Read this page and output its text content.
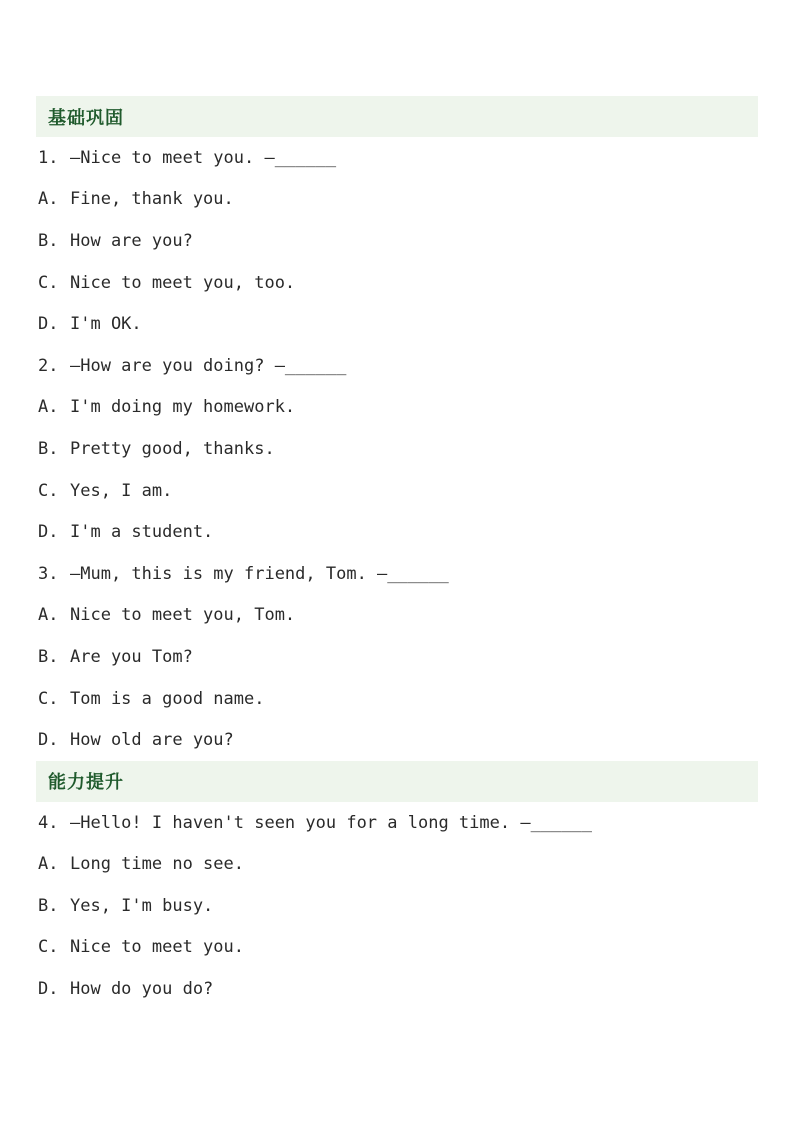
基础巩固
1. —Nice to meet you. —______
A. Fine, thank you.
B. How are you?
C. Nice to meet you, too.
D. I'm OK.
2. —How are you doing? —______
A. I'm doing my homework.
B. Pretty good, thanks.
C. Yes, I am.
D. I'm a student.
3. —Mum, this is my friend, Tom. —______
A. Nice to meet you, Tom.
B. Are you Tom?
C. Tom is a good name.
D. How old are you?
能力提升
4. —Hello! I haven't seen you for a long time. —______
A. Long time no see.
B. Yes, I'm busy.
C. Nice to meet you.
D. How do you do?
